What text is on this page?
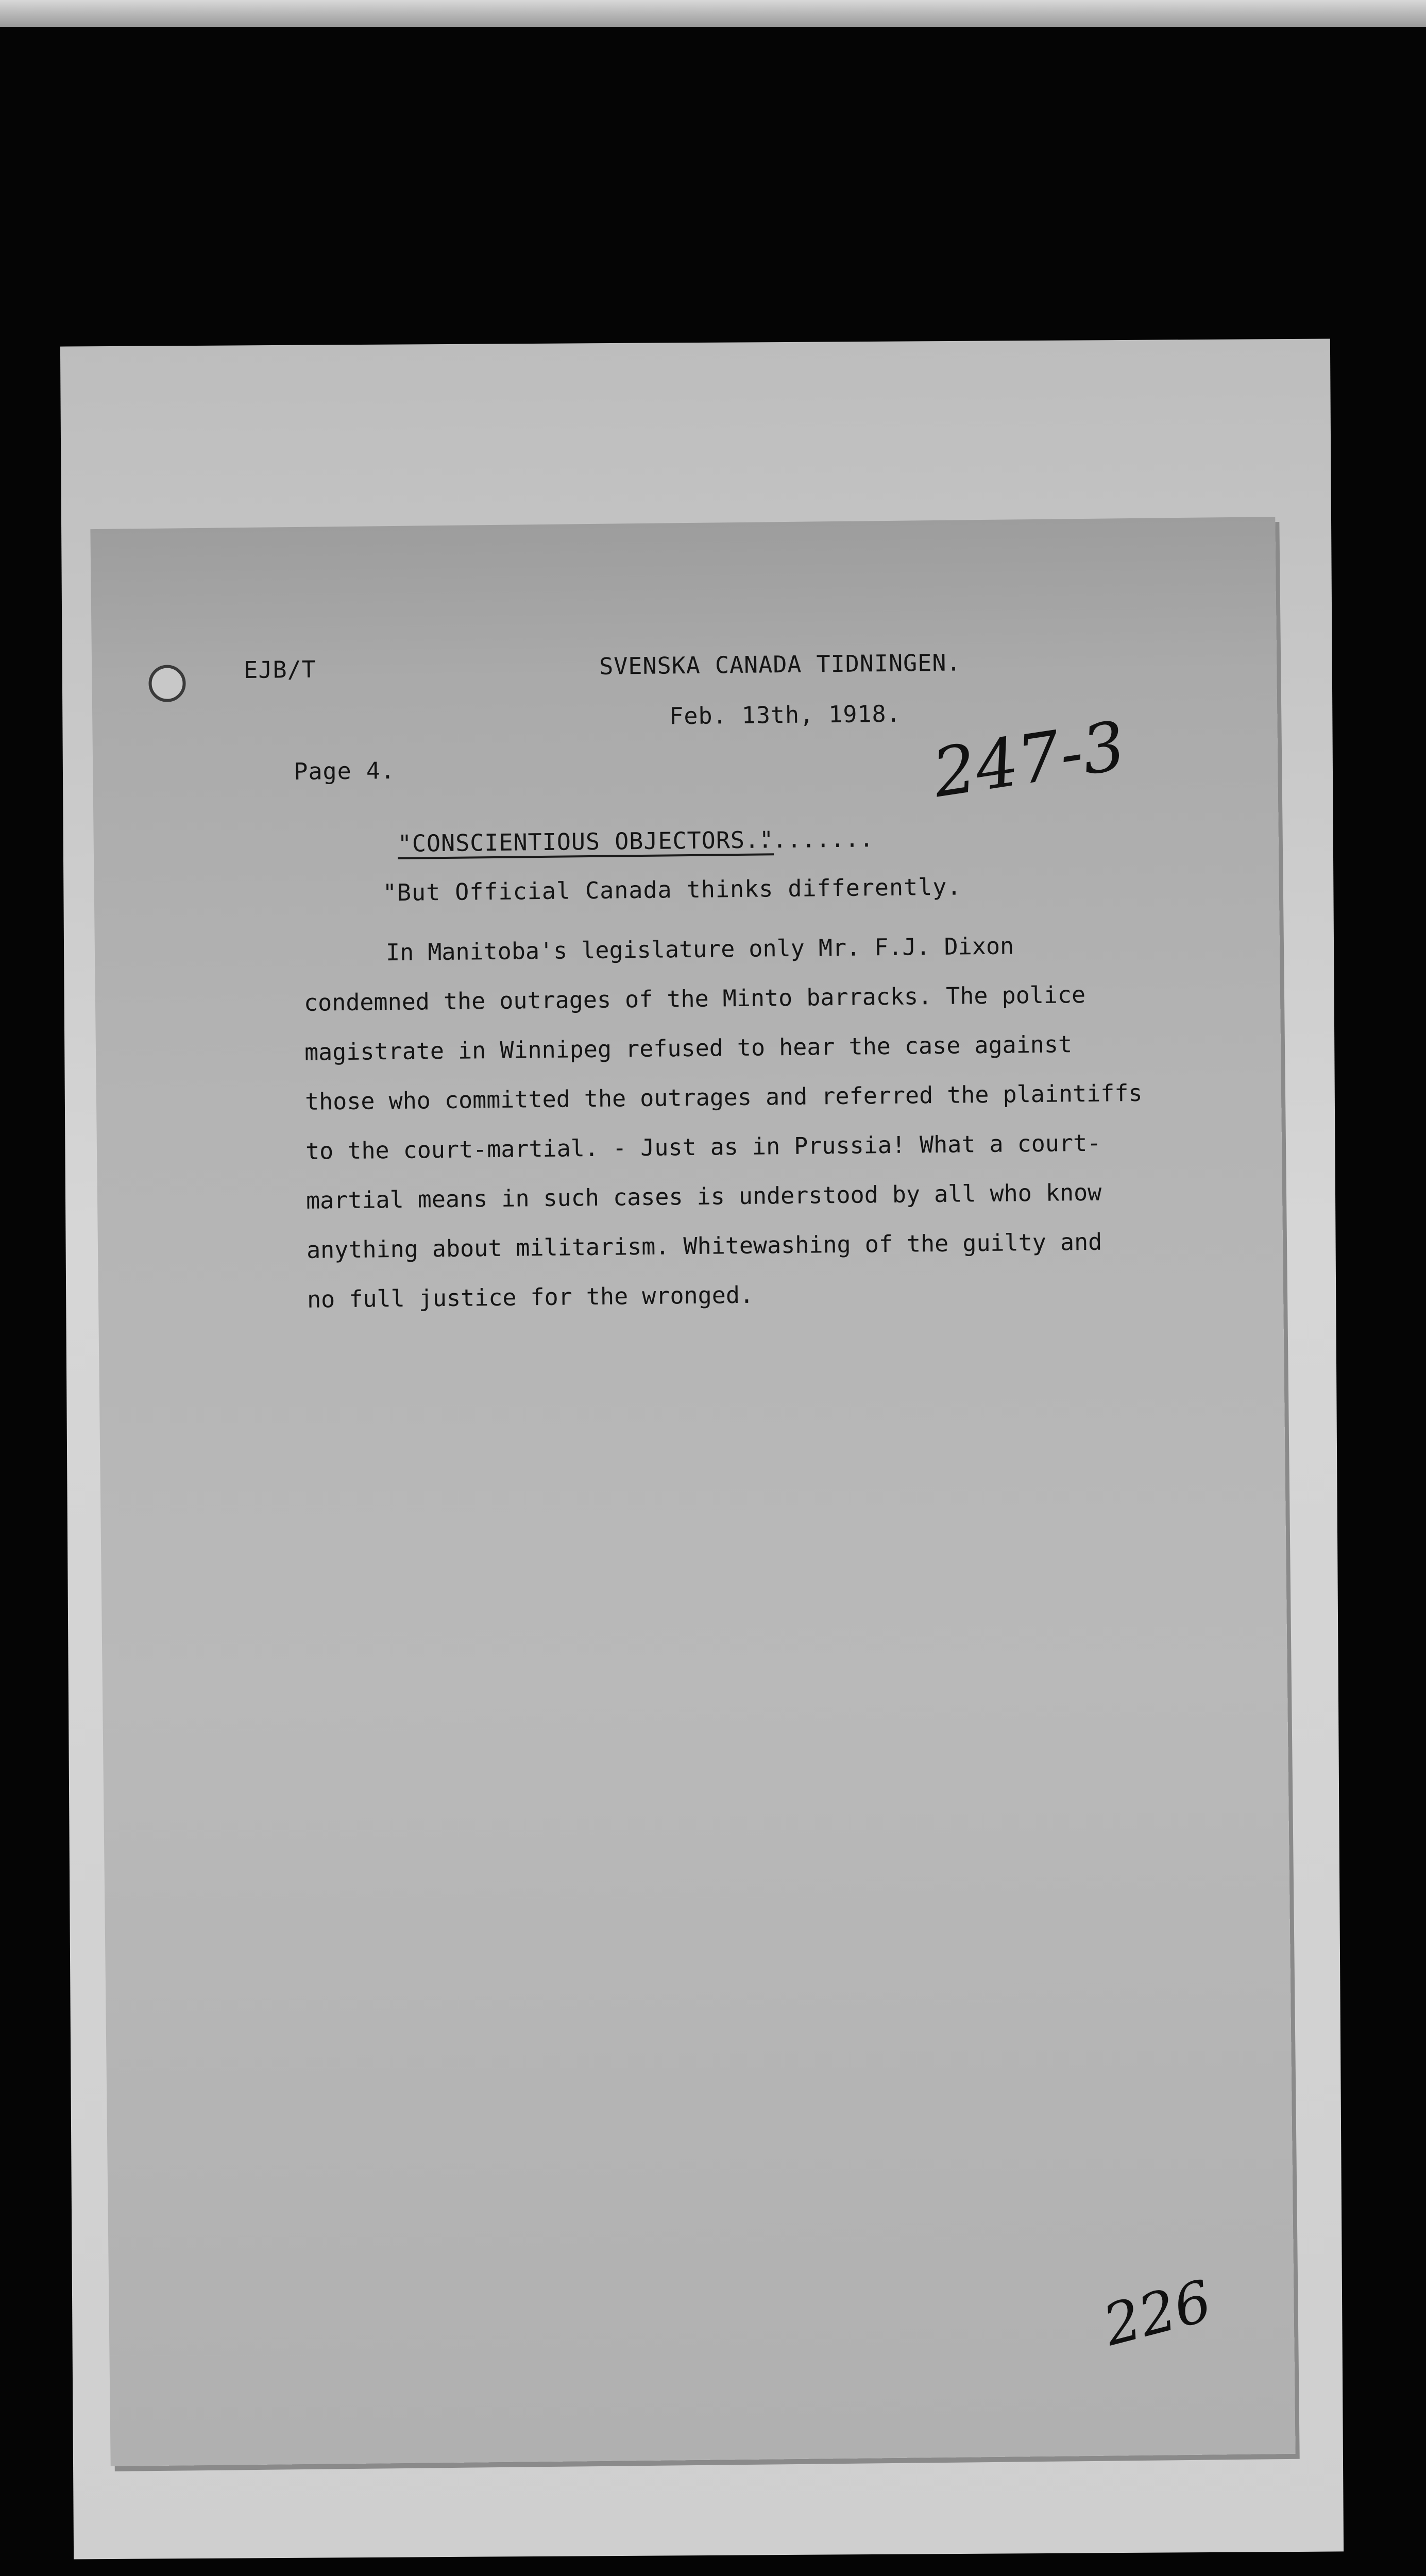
EJB/T	SVENSKA CANADA TIDNINGEN.

Feb. 13th, 1918.

Page 4.

"CONSCIENTIOUS OBJECTORS."

........

"But Official Canada thinks differently.

In Manitoba's legislature only Mr. F.J. Dixon
condemned the outrages of the Minto barracks. The police
magistrate in Winnipeg refused to hear the case against
those who committed the outrages and referred the plaintiffs
to the court-martial. - Just as in Prussia! What a court-
martial means in such cases is understood by all who know
anything about militarism. Whitewashing of the guilty and
no full justice for the wronged.
247-3
226
